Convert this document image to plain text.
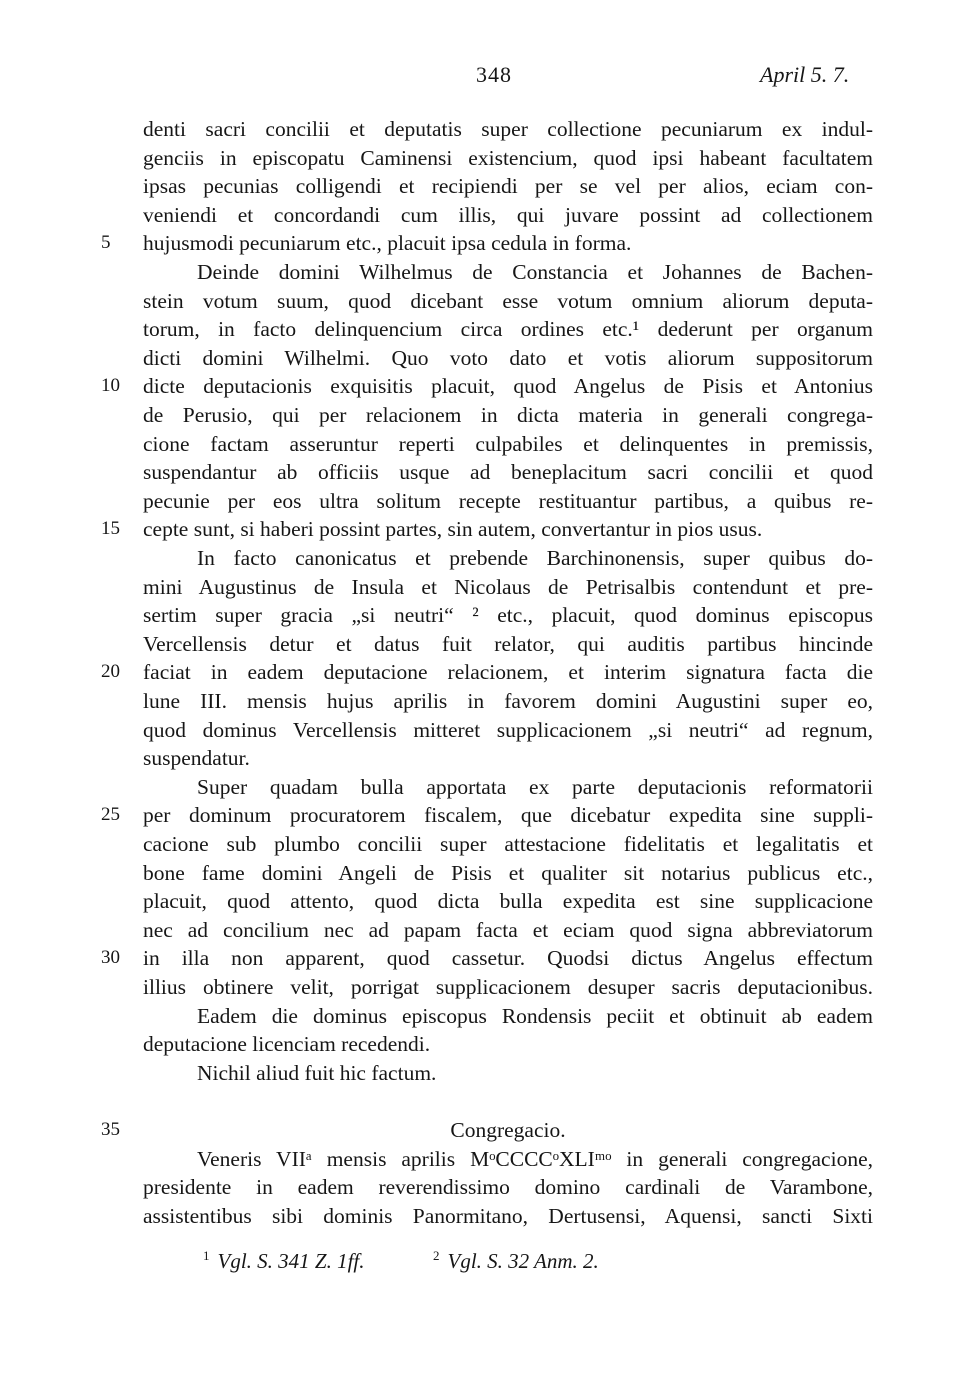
348	April 5. 7.
denti sacri concilii et deputatis super collectione pecuniarum ex indul-
genciis in episcopatu Caminensi existencium, quod ipsi habeant facultatem
ipsas pecunias colligendi et recipiendi per se vel per alios, eciam con-
veniendi et concordandi cum illis, qui juvare possint ad collectionem
5	hujusmodi pecuniarum etc., placuit ipsa cedula in forma.
Deinde domini Wilhelmus de Constancia et Johannes de Bachen-
stein votum suum, quod dicebant esse votum omnium aliorum deputa-
torum, in facto delinquencium circa ordines etc.¹ dederunt per organum
dicti domini Wilhelmi. Quo voto dato et votis aliorum suppositorum
10	dicte deputacionis exquisitis placuit, quod Angelus de Pisis et Antonius
de Perusio, qui per relacionem in dicta materia in generali congrega-
cione factam asseruntur reperti culpabiles et delinquentes in premissis,
suspendantur ab officiis usque ad beneplacitum sacri concilii et quod
pecunie per eos ultra solitum recepte restituantur partibus, a quibus re-
15	cepte sunt, si haberi possint partes, sin autem, convertantur in pios usus.
In facto canonicatus et prebende Barchinonensis, super quibus do-
mini Augustinus de Insula et Nicolaus de Petrisalbis contendunt et pre-
sertim super gracia „si neutri“ ² etc., placuit, quod dominus episcopus
Vercellensis detur et datus fuit relator, qui auditis partibus hincinde
20	faciat in eadem deputacione relacionem, et interim signatura facta die
lune III. mensis hujus aprilis in favorem domini Augustini super eo,
quod dominus Vercellensis mitteret supplicacionem „si neutri“ ad regnum,
suspendatur.
Super quadam bulla apportata ex parte deputacionis reformatorii
25	per dominum procuratorem fiscalem, que dicebatur expedita sine suppli-
cacione sub plumbo concilii super attestacione fidelitatis et legalitatis et
bone fame domini Angeli de Pisis et qualiter sit notarius publicus etc.,
placuit, quod attento, quod dicta bulla expedita est sine supplicacione
nec ad concilium nec ad papam facta et eciam quod signa abbreviatorum
30	in illa non apparent, quod cassetur. Quodsi dictus Angelus effectum
illius obtinere velit, porrigat supplicacionem desuper sacris deputacionibus.
Eadem die dominus episcopus Rondensis peciit et obtinuit ab eadem
deputacione licenciam recedendi.
Nichil aliud fuit hic factum.
35	Congregacio.
Veneris VIIᵃ mensis aprilis MᵒCCCCᵒXLIᵐᵒ in generali congregacione,
presidente in eadem reverendissimo domino cardinali de Varambone,
assistentibus sibi dominis Panormitano, Dertusensi, Aquensi, sancti Sixti
$^1$ Vgl. S. 341 Z. 1ff.	$^2$ Vgl. S. 32 Anm. 2.
